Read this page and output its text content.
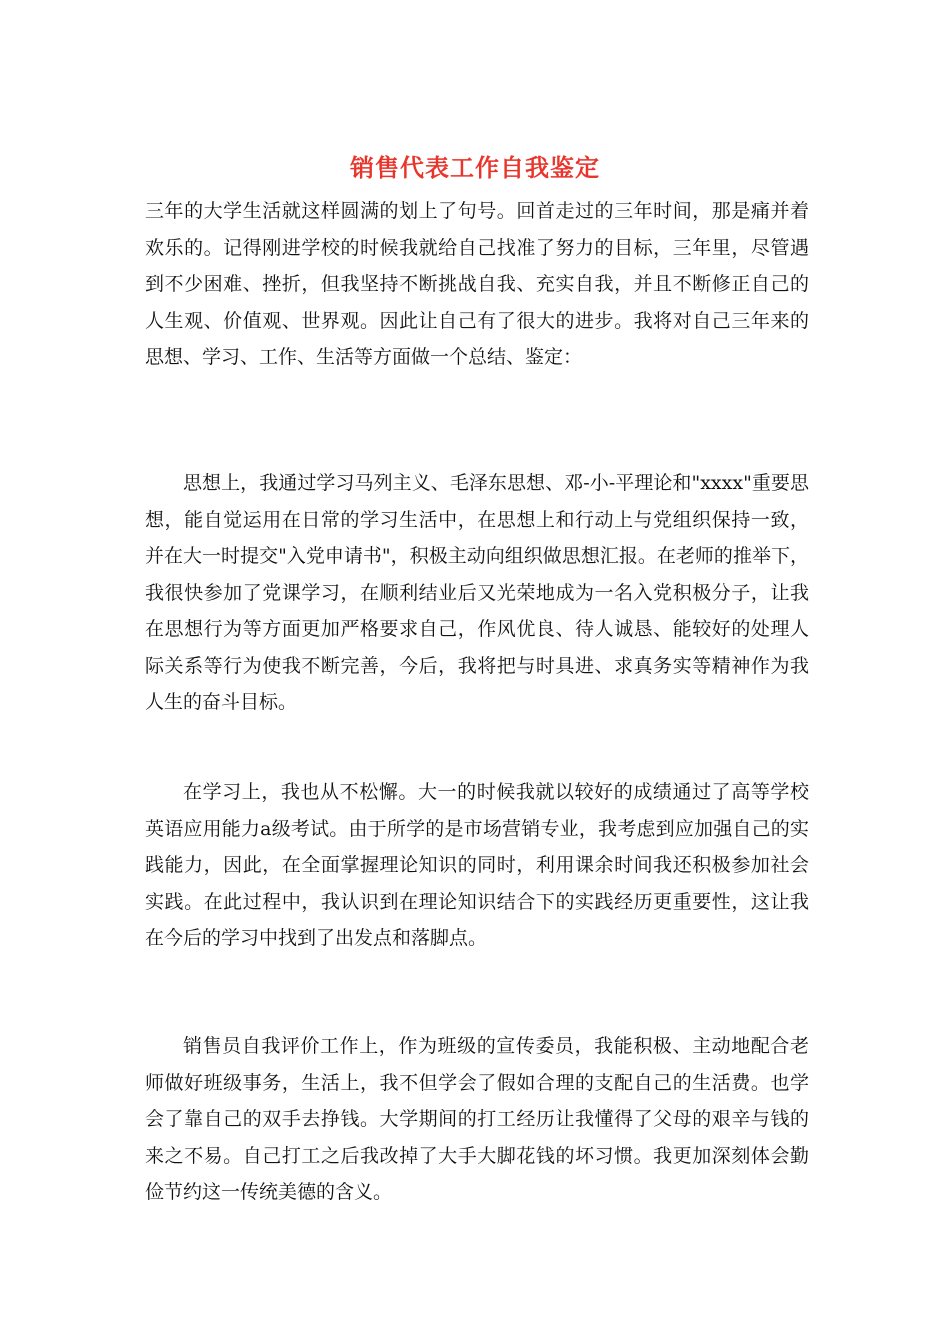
销售代表工作自我鉴定

三年的大学生活就这样圆满的划上了句号。回首走过的三年时间，那是痛并着欢乐的。记得刚进学校的时候我就给自己找准了努力的目标，三年里，尽管遇到不少困难、挫折，但我坚持不断挑战自我、充实自我，并且不断修正自己的人生观、价值观、世界观。因此让自己有了很大的进步。我将对自己三年来的思想、学习、工作、生活等方面做一个总结、鉴定：

思想上，我通过学习马列主义、毛泽东思想、邓-小-平理论和"xxxx"重要思想，能自觉运用在日常的学习生活中，在思想上和行动上与党组织保持一致，并在大一时提交"入党申请书"，积极主动向组织做思想汇报。在老师的推举下，我很快参加了党课学习，在顺利结业后又光荣地成为一名入党积极分子，让我在思想行为等方面更加严格要求自己，作风优良、待人诚恳、能较好的处理人际关系等行为使我不断完善，今后，我将把与时具进、求真务实等精神作为我人生的奋斗目标。

在学习上，我也从不松懈。大一的时候我就以较好的成绩通过了高等学校英语应用能力a级考试。由于所学的是市场营销专业，我考虑到应加强自己的实践能力，因此，在全面掌握理论知识的同时，利用课余时间我还积极参加社会实践。在此过程中，我认识到在理论知识结合下的实践经历更重要性，这让我在今后的学习中找到了出发点和落脚点。

销售员自我评价工作上，作为班级的宣传委员，我能积极、主动地配合老师做好班级事务，生活上，我不但学会了假如合理的支配自己的生活费。也学会了靠自己的双手去挣钱。大学期间的打工经历让我懂得了父母的艰辛与钱的来之不易。自己打工之后我改掉了大手大脚花钱的坏习惯。我更加深刻体会勤俭节约这一传统美德的含义。
